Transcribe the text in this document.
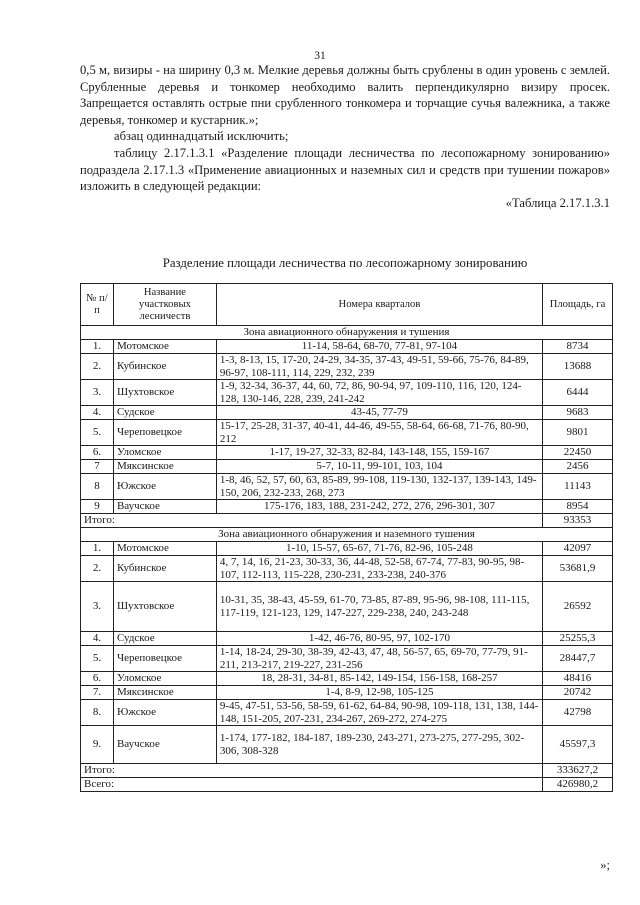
31

0,5 м, визиры - на ширину 0,3 м. Мелкие деревья должны быть срублены в один уровень с землей. Срубленные деревья и тонкомер необходимо валить перпендикулярно визиру просек. Запрещается оставлять острые пни срубленного тонкомера и торчащие сучья валежника, а также деревья, тонкомер и кустарник.»;

абзац одиннадцатый исключить;

таблицу 2.17.1.3.1 «Разделение площади лесничества по лесопожарному зонированию» подраздела 2.17.1.3 «Применение авиационных и наземных сил и средств при тушении пожаров» изложить в следующей редакции:

«Таблица 2.17.1.3.1

Разделение площади лесничества по лесопожарному зонированию
№ п/п	Название участковых лесничеств	Номера кварталов	Площадь, га
Зона авиационного обнаружения и тушения			
1.	Мотомское	11-14, 58-64, 68-70, 77-81, 97-104	8734
2.	Кубинское	1-3, 8-13, 15, 17-20, 24-29, 34-35, 37-43, 49-51, 59-66, 75-76, 84-89, 96-97, 108-111, 114, 229, 232, 239	13688
3.	Шухтовское	1-9, 32-34, 36-37, 44, 60, 72, 86, 90-94, 97, 109-110, 116, 120, 124-128, 130-146, 228, 239, 241-242	6444
4.	Судское	43-45, 77-79	9683
5.	Череповецкое	15-17, 25-28, 31-37, 40-41, 44-46, 49-55, 58-64, 66-68, 71-76, 80-90, 212	9801
6.	Уломское	1-17, 19-27, 32-33, 82-84, 143-148, 155, 159-167	22450
7	Мяксинское	5-7, 10-11, 99-101, 103, 104	2456
8	Южское	1-8, 46, 52, 57, 60, 63, 85-89, 99-108, 119-130, 132-137, 139-143, 149-150, 206, 232-233, 268, 273	11143
9	Ваучское	175-176, 183, 188, 231-242, 272, 276, 296-301, 307	8954
Итого:			93353
Зона авиационного обнаружения и наземного тушения			
1.	Мотомское	1-10, 15-57, 65-67, 71-76, 82-96, 105-248	42097
2.	Кубинское	4, 7, 14, 16, 21-23, 30-33, 36, 44-48, 52-58, 67-74, 77-83, 90-95, 98-107, 112-113, 115-228, 230-231, 233-238, 240-376	53681,9
3.	Шухтовское	10-31, 35, 38-43, 45-59, 61-70, 73-85, 87-89, 95-96, 98-108, 111-115, 117-119, 121-123, 129, 147-227, 229-238, 240, 243-248	26592
4.	Судское	1-42, 46-76, 80-95, 97, 102-170	25255,3
5.	Череповецкое	1-14, 18-24, 29-30, 38-39, 42-43, 47, 48, 56-57, 65, 69-70, 77-79, 91-211, 213-217, 219-227, 231-256	28447,7
6.	Уломское	18, 28-31, 34-81, 85-142, 149-154, 156-158, 168-257	48416
7.	Мяксинское	1-4, 8-9, 12-98, 105-125	20742
8.	Южское	9-45, 47-51, 53-56, 58-59, 61-62, 64-84, 90-98, 109-118, 131, 138, 144-148, 151-205, 207-231, 234-267, 269-272, 274-275	42798
9.	Ваучское	1-174, 177-182, 184-187, 189-230, 243-271, 273-275, 277-295, 302-306, 308-328	45597,3
Итого:			333627,2
Всего:			426980,2
»;
